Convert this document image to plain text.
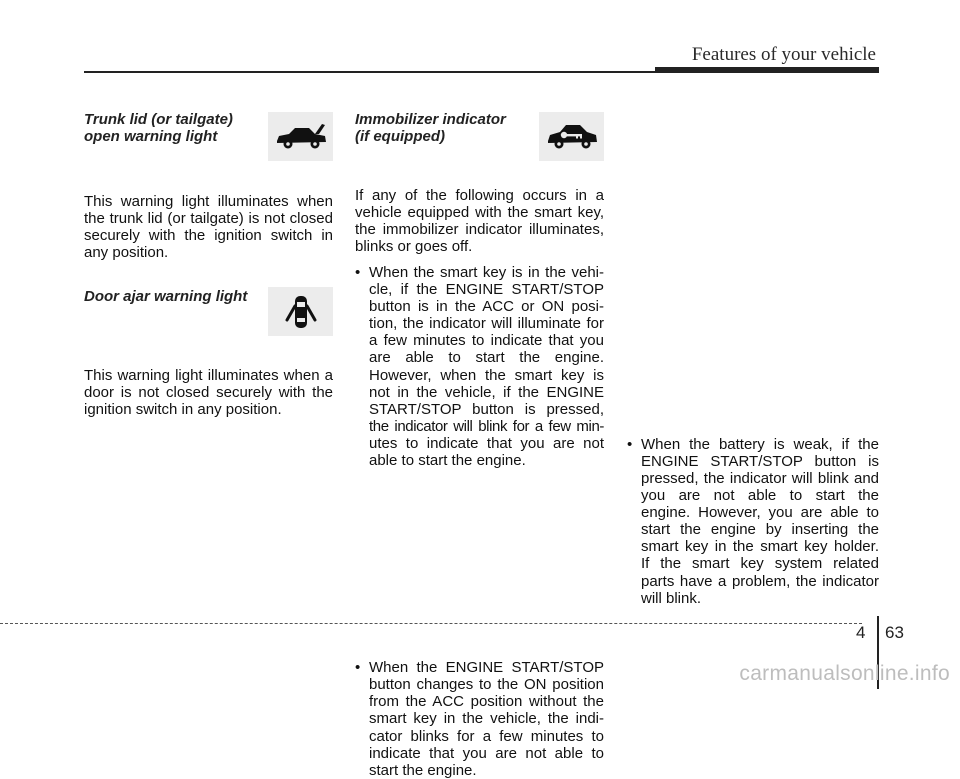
Features of your vehicle
Trunk lid (or tailgate)
open warning light

This warning light illuminates when

the trunk lid (or tailgate) is not closed

securely with the ignition switch in

any position.

Door ajar warning light

This warning light illuminates when a

door is not closed securely with the

ignition switch in any position.

Immobilizer indicator
(if equipped)

If any of the following occurs in a

vehicle equipped with the smart key,

the immobilizer indicator illuminates,

blinks or goes off.

• When the smart key is in the vehi-

cle, if the ENGINE START/STOP

button is in the ACC or ON posi-

tion, the indicator will illuminate for

a few minutes to indicate that you

are able to start the engine.

However, when the smart key is

not in the vehicle, if the ENGINE

START/STOP button is pressed,

the indicator will blink for a few min-

utes to indicate that you are not

able to start the engine.

• When the ENGINE START/STOP

button changes to the ON position

from the ACC position without the

smart key in the vehicle, the indi-

cator blinks for a few minutes to

indicate that you are not able to

start the engine.

• When the battery is weak, if the

ENGINE START/STOP button is

pressed, the indicator will blink and

you are not able to start the

engine. However, you are able to

start the engine by inserting the

smart key in the smart key holder.

If the smart key system related

parts have a problem, the indicator

will blink.

4 63
carmanualsonline.info
